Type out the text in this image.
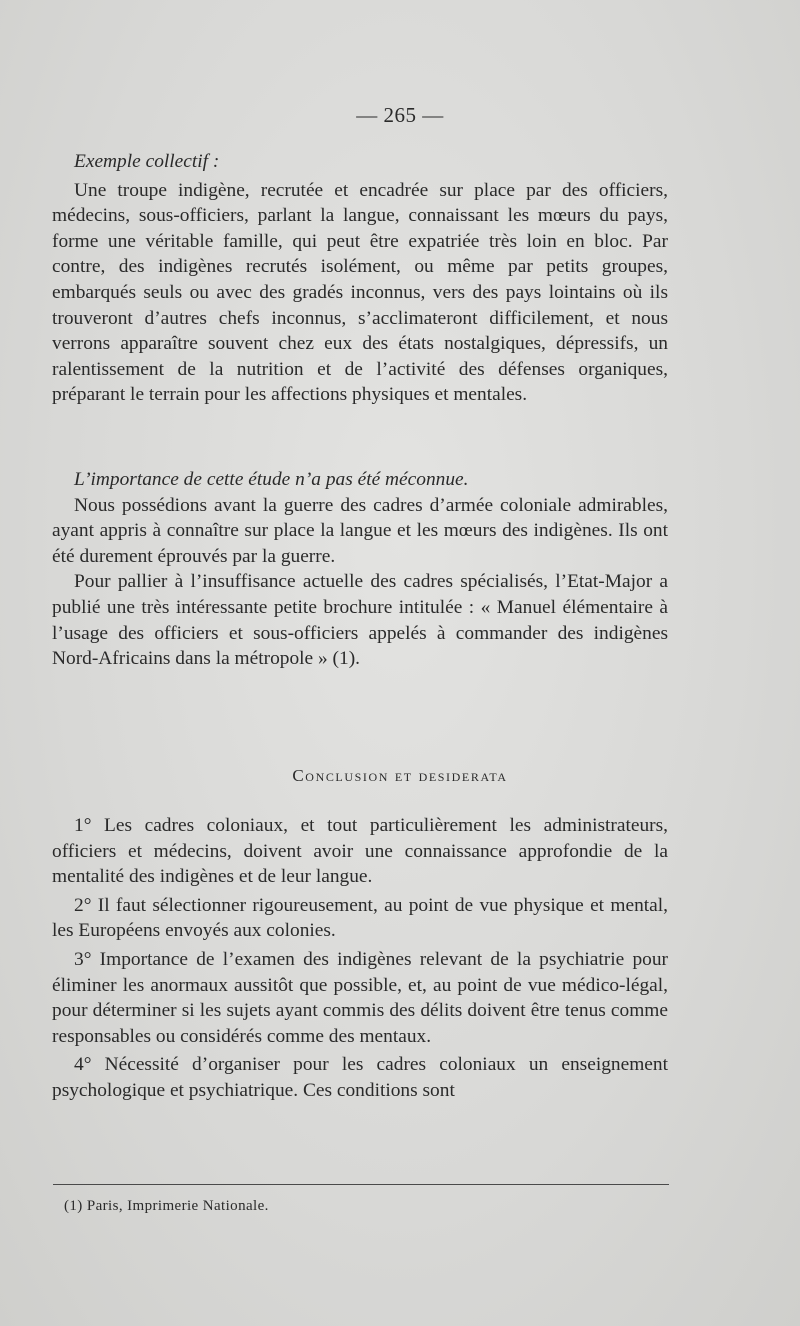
— 265 —

Exemple collectif :

Une troupe indigène, recrutée et encadrée sur place par des officiers, médecins, sous-officiers, parlant la langue, connaissant les mœurs du pays, forme une véritable famille, qui peut être expatriée très loin en bloc. Par contre, des indigènes recrutés isolément, ou même par petits groupes, embarqués seuls ou avec des gradés inconnus, vers des pays lointains où ils trouveront d’autres chefs inconnus, s’acclimateront difficilement, et nous verrons apparaître souvent chez eux des états nostalgiques, dépressifs, un ralentissement de la nutrition et de l’activité des défenses organiques, préparant le terrain pour les affections physiques et mentales.

L’importance de cette étude n’a pas été méconnue.

Nous possédions avant la guerre des cadres d’armée coloniale admirables, ayant appris à connaître sur place la langue et les mœurs des indigènes. Ils ont été durement éprouvés par la guerre.

Pour pallier à l’insuffisance actuelle des cadres spécialisés, l’Etat-Major a publié une très intéressante petite brochure intitulée : « Manuel élémentaire à l’usage des officiers et sous-officiers appelés à commander des indigènes Nord-Africains dans la métropole » (1).

Conclusion et desiderata

1° Les cadres coloniaux, et tout particulièrement les administrateurs, officiers et médecins, doivent avoir une connaissance approfondie de la mentalité des indigènes et de leur langue.

2° Il faut sélectionner rigoureusement, au point de vue physique et mental, les Européens envoyés aux colonies.

3° Importance de l’examen des indigènes relevant de la psychiatrie pour éliminer les anormaux aussitôt que possible, et, au point de vue médico-légal, pour déterminer si les sujets ayant commis des délits doivent être tenus comme responsables ou considérés comme des mentaux.

4° Nécessité d’organiser pour les cadres coloniaux un enseignement psychologique et psychiatrique. Ces conditions sont

(1) Paris, Imprimerie Nationale.
